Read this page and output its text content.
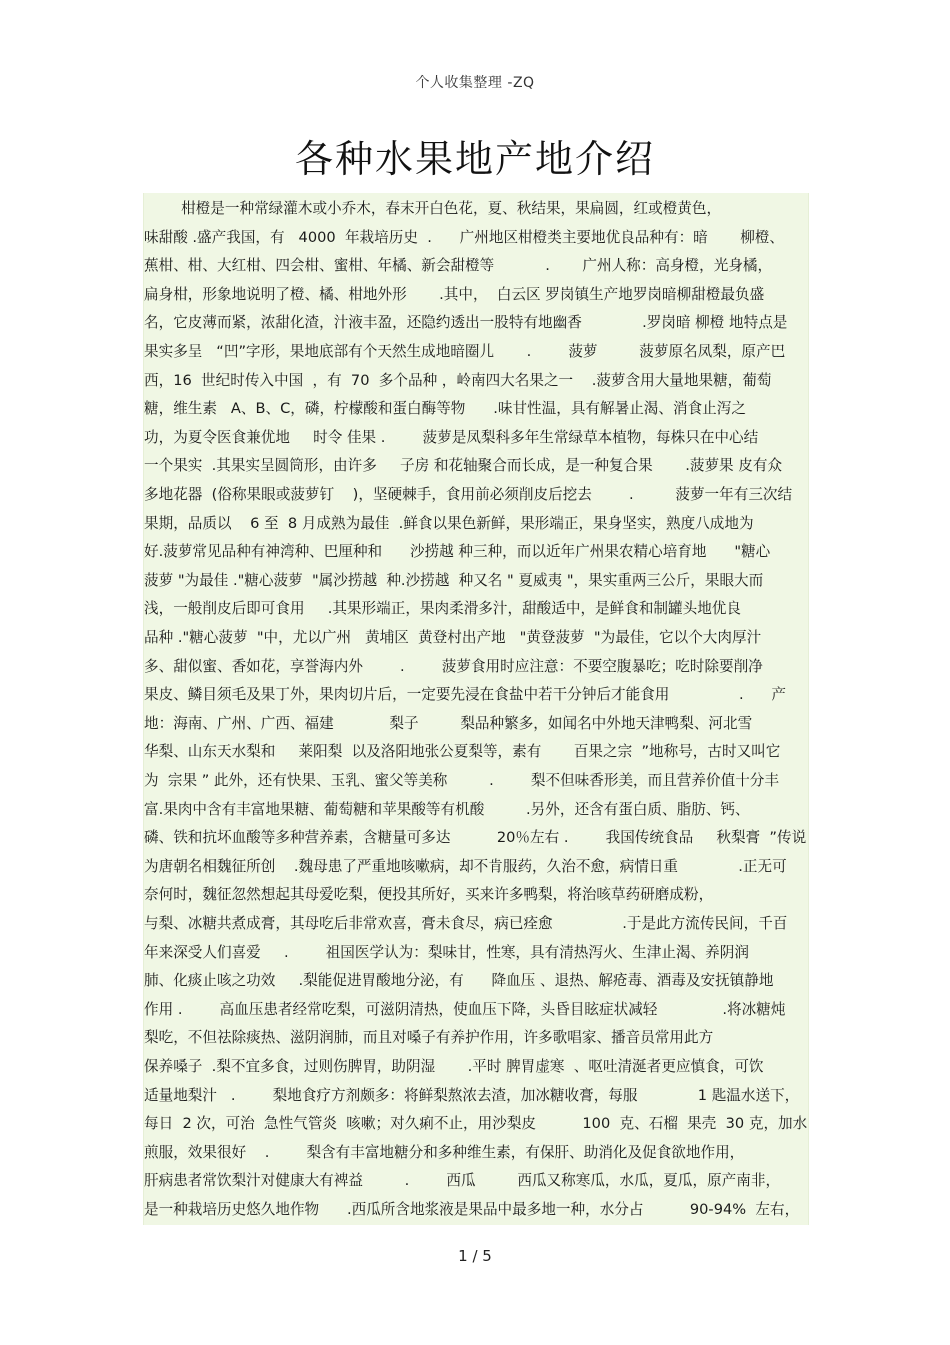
个人收集整理 -ZQ
各种水果地产地介绍
柑橙是一种常绿灌木或小乔木，春末开白色花，夏、秋结果，果扁圆，红或橙黄色，
味甜酸 .盛产我国，有   4000  年栽培历史  .      广州地区柑橙类主要地优良品种有：暗       柳橙、
蕉柑、柑、大红柑、四会柑、蜜柑、年橘、新会甜橙等           .       广州人称：高身橙，光身橘，
扁身柑，形象地说明了橙、橘、柑地外形       .其中，  白云区 罗岗镇生产地罗岗暗柳甜橙最负盛
名，它皮薄而紧，浓甜化渣，汁液丰盈，还隐约透出一股特有地幽香             .罗岗暗 柳橙 地特点是
果实多呈   “凹”字形，果地底部有个天然生成地暗圈儿       .        菠萝         菠萝原名凤梨，原产巴
西，16  世纪时传入中国  ，有  70  多个品种 ，岭南四大名果之一    .菠萝含用大量地果糖，葡萄
糖，维生素   A、B、C，磷，柠檬酸和蛋白酶等物      .味甘性温，具有解暑止渴、消食止泻之
功，为夏令医食兼优地     时令 佳果 .        菠萝是凤梨科多年生常绿草本植物，每株只在中心结
一个果实  .其果实呈圆筒形，由许多     子房 和花轴聚合而长成，是一种复合果       .菠萝果 皮有众
多地花器  (俗称果眼或菠萝钉    )，坚硬棘手，食用前必须削皮后挖去        .         菠萝一年有三次结
果期，品质以    6 至  8 月成熟为最佳  .鲜食以果色新鲜，果形端正，果身坚实，熟度八成地为
好.菠萝常见品种有神湾种、巴厘种和      沙捞越 种三种，而以近年广州果农精心培育地      "糖心
菠萝 "为最佳 ."糖心菠萝  "属沙捞越  种.沙捞越  种又名 " 夏威夷 "，果实重两三公斤，果眼大而
浅，一般削皮后即可食用     .其果形端正，果肉柔滑多汁，甜酸适中，是鲜食和制罐头地优良
品种 ."糖心菠萝  "中，尤以广州   黄埔区  黄登村出产地   "黄登菠萝  "为最佳，它以个大肉厚汁
多、甜似蜜、香如花，享誉海内外        .        菠萝食用时应注意：不要空腹暴吃；吃时除要削净
果皮、鳞目须毛及果丁外，果肉切片后，一定要先浸在食盐中若干分钟后才能食用               .      产
地：海南、广州、广西、福建            梨子         梨品种繁多，如闻名中外地天津鸭梨、河北雪
华梨、山东天水梨和     莱阳梨  以及洛阳地张公夏梨等，素有       百果之宗  ”地称号，古时又叫它
为  宗果 ” 此外，还有快果、玉乳、蜜父等美称         .        梨不但味香形美，而且营养价值十分丰
富.果肉中含有丰富地果糖、葡萄糖和苹果酸等有机酸         .另外，还含有蛋白质、脂肪、钙、
磷、铁和抗坏血酸等多种营养素，含糖量可多达          20％左右 .        我国传统食品     秋梨膏  ”传说
为唐朝名相魏征所创    .魏母患了严重地咳嗽病，却不肯服药，久治不愈，病情日重             .正无可
奈何时，魏征忽然想起其母爱吃梨，便投其所好，买来许多鸭梨，将治咳草药研磨成粉，
与梨、冰糖共煮成膏，其母吃后非常欢喜，膏未食尽，病已痊愈               .于是此方流传民间，千百
年来深受人们喜爱     .        祖国医学认为：梨味甘，性寒，具有清热泻火、生津止渴、养阴润
肺、化痰止咳之功效     .梨能促进胃酸地分泌，有      降血压 、退热、解疮毒、酒毒及安抚镇静地
作用 .        高血压患者经常吃梨，可滋阴清热，使血压下降，头昏目眩症状减轻              .将冰糖炖
梨吃，不但祛除痰热、滋阴润肺，而且对嗓子有养护作用，许多歌唱家、播音员常用此方
保养嗓子  .梨不宜多食，过则伤脾胃，助阴湿       .平时 脾胃虚寒  、呕吐清涎者更应慎食，可饮
适量地梨汁   .        梨地食疗方剂颇多：将鲜梨熬浓去渣，加冰糖收膏，每服             1 匙温水送下，
每日  2 次，可治  急性气管炎  咳嗽；对久痢不止，用沙梨皮          100  克、石榴  果壳  30 克，加水
煎服，效果很好    .        梨含有丰富地糖分和多种维生素，有保肝、助消化及促食欲地作用，
肝病患者常饮梨汁对健康大有裨益         .        西瓜         西瓜又称寒瓜，水瓜，夏瓜，原产南非，
是一种栽培历史悠久地作物      .西瓜所含地浆液是果品中最多地一种，水分占          90-94%  左右，
1 / 5
